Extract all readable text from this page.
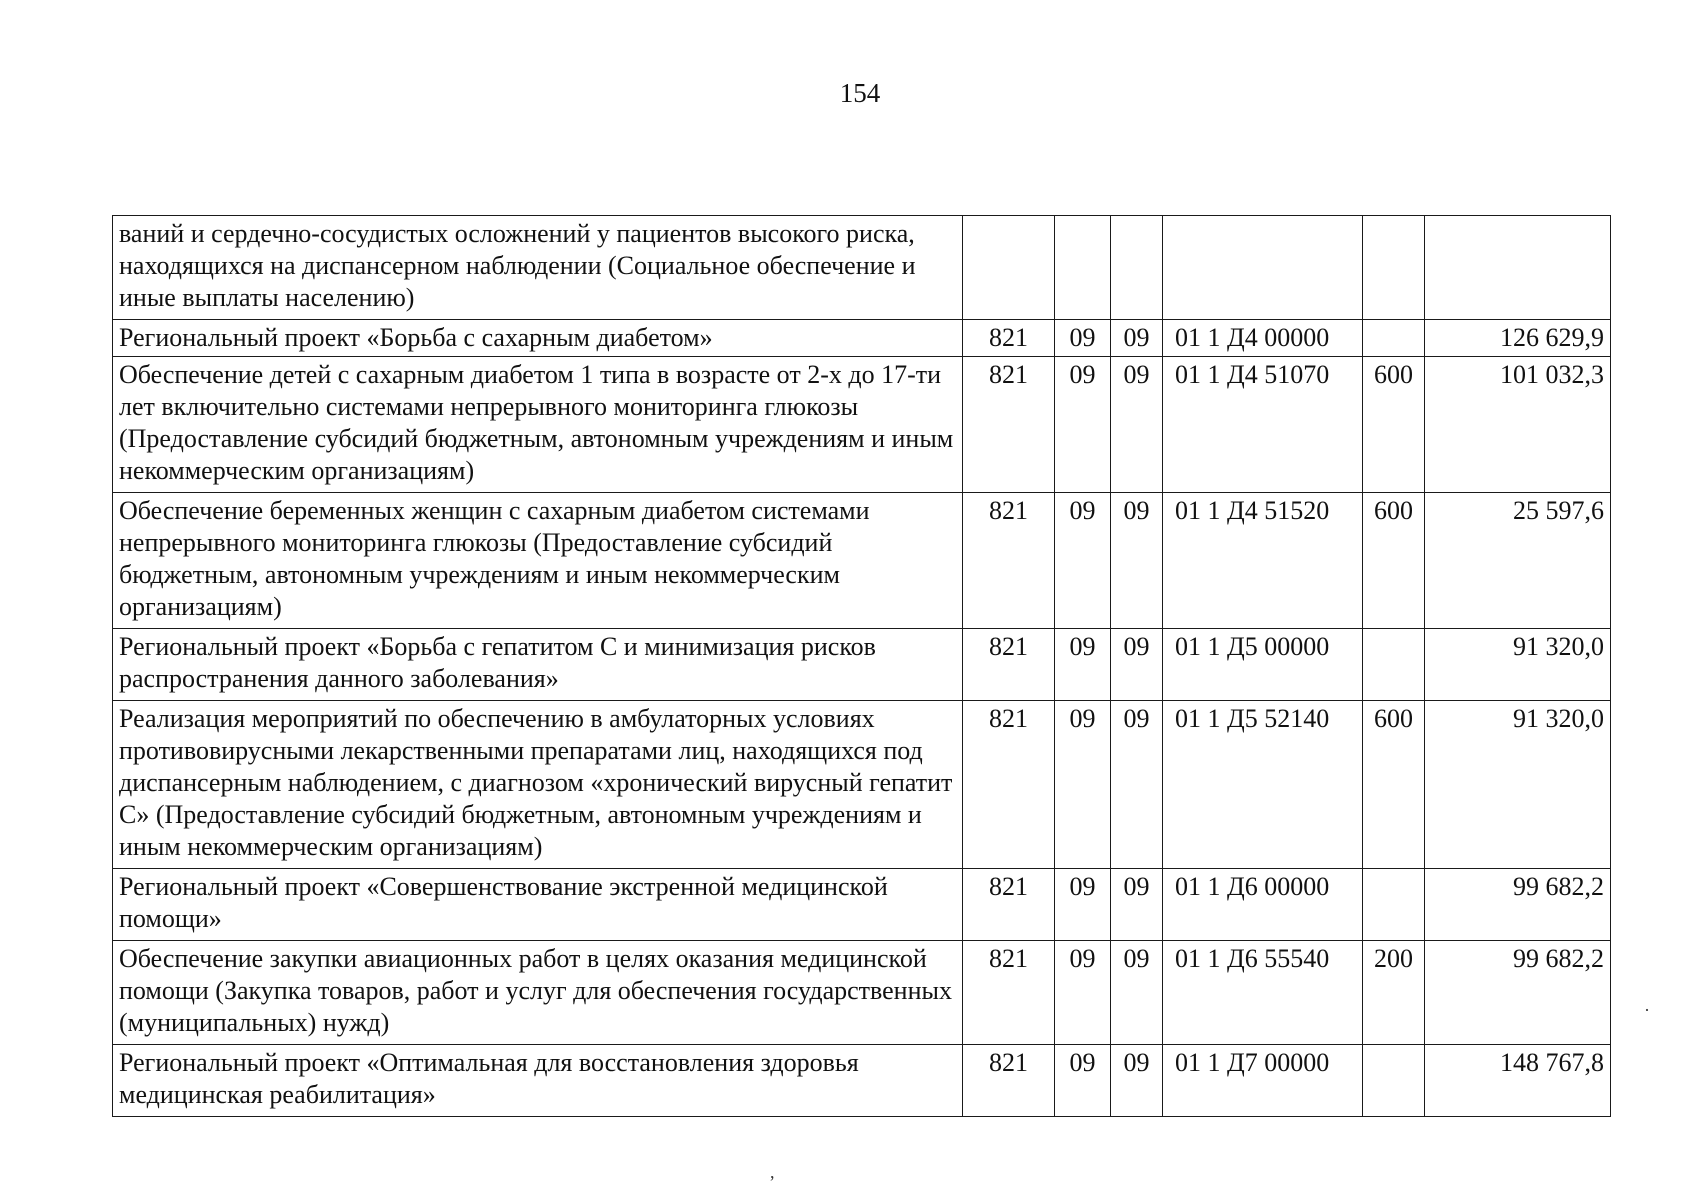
154
ваний и сердечно-сосудистых осложнений у пациентов высокого риска, находящихся на диспансерном наблюдении (Социальное обеспечение и иные выплаты населению)						
Региональный проект «Борьба с сахарным диабетом»	821	09	09	01 1 Д4 00000		126 629,9
Обеспечение детей с сахарным диабетом 1 типа в возрасте от 2-х до 17-ти лет включительно системами непрерывного мониторинга глюкозы (Предоставление субсидий бюджетным, автономным учреждениям и иным некоммерческим организациям)	821	09	09	01 1 Д4 51070	600	101 032,3
Обеспечение беременных женщин с сахарным диабетом системами непрерывного мониторинга глюкозы (Предоставление субсидий бюджетным, автономным учреждениям и иным некоммерческим организациям)	821	09	09	01 1 Д4 51520	600	25 597,6
Региональный проект «Борьба с гепатитом С и минимизация рисков распространения данного заболевания»	821	09	09	01 1 Д5 00000		91 320,0
Реализация мероприятий по обеспечению в амбулаторных условиях противовирусными лекарственными препаратами лиц, находящихся под диспансерным наблюдением, с диагнозом «хронический вирусный гепатит С» (Предоставление субсидий бюджетным, автономным учреждениям и иным некоммерческим организациям)	821	09	09	01 1 Д5 52140	600	91 320,0
Региональный проект «Совершенствование экстренной медицинской помощи»	821	09	09	01 1 Д6 00000		99 682,2
Обеспечение закупки авиационных работ в целях оказания медицинской помощи (Закупка товаров, работ и услуг для обеспечения государственных (муниципальных) нужд)	821	09	09	01 1 Д6 55540	200	99 682,2
Региональный проект «Оптимальная для восстановления здоровья медицинская реабилитация»	821	09	09	01 1 Д7 00000		148 767,8
·
,
